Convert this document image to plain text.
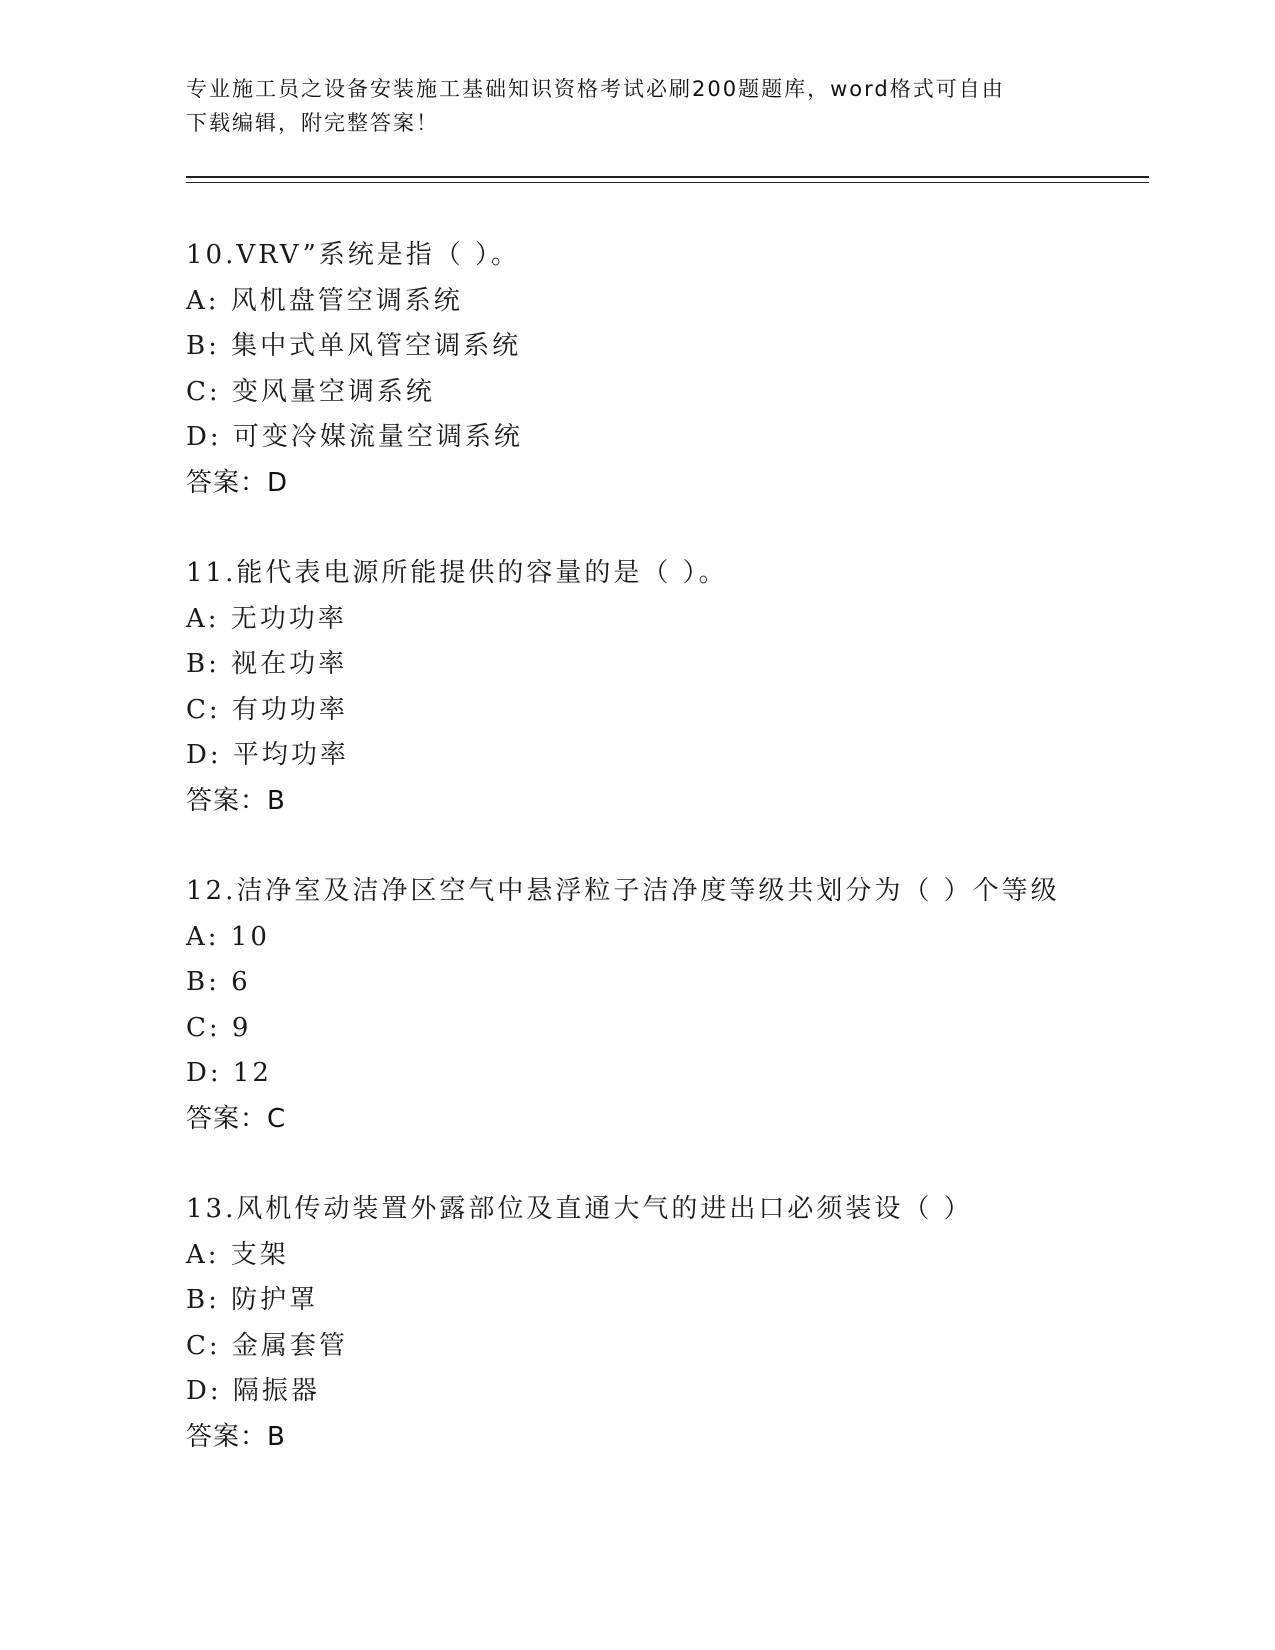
专业施工员之设备安装施工基础知识资格考试必刷200题题库，word格式可自由
下载编辑，附完整答案！
10.VRV”系统是指（ ）。
A: 风机盘管空调系统
B: 集中式单风管空调系统
C: 变风量空调系统
D: 可变冷媒流量空调系统
答案：D
11.能代表电源所能提供的容量的是（ ）。
A: 无功功率
B: 视在功率
C: 有功功率
D: 平均功率
答案：B
12.洁净室及洁净区空气中悬浮粒子洁净度等级共划分为（ ）个等级
A: 10
B: 6
C: 9
D: 12
答案：C
13.风机传动装置外露部位及直通大气的进出口必须装设（ ）
A: 支架
B: 防护罩
C: 金属套管
D: 隔振器
答案：B
